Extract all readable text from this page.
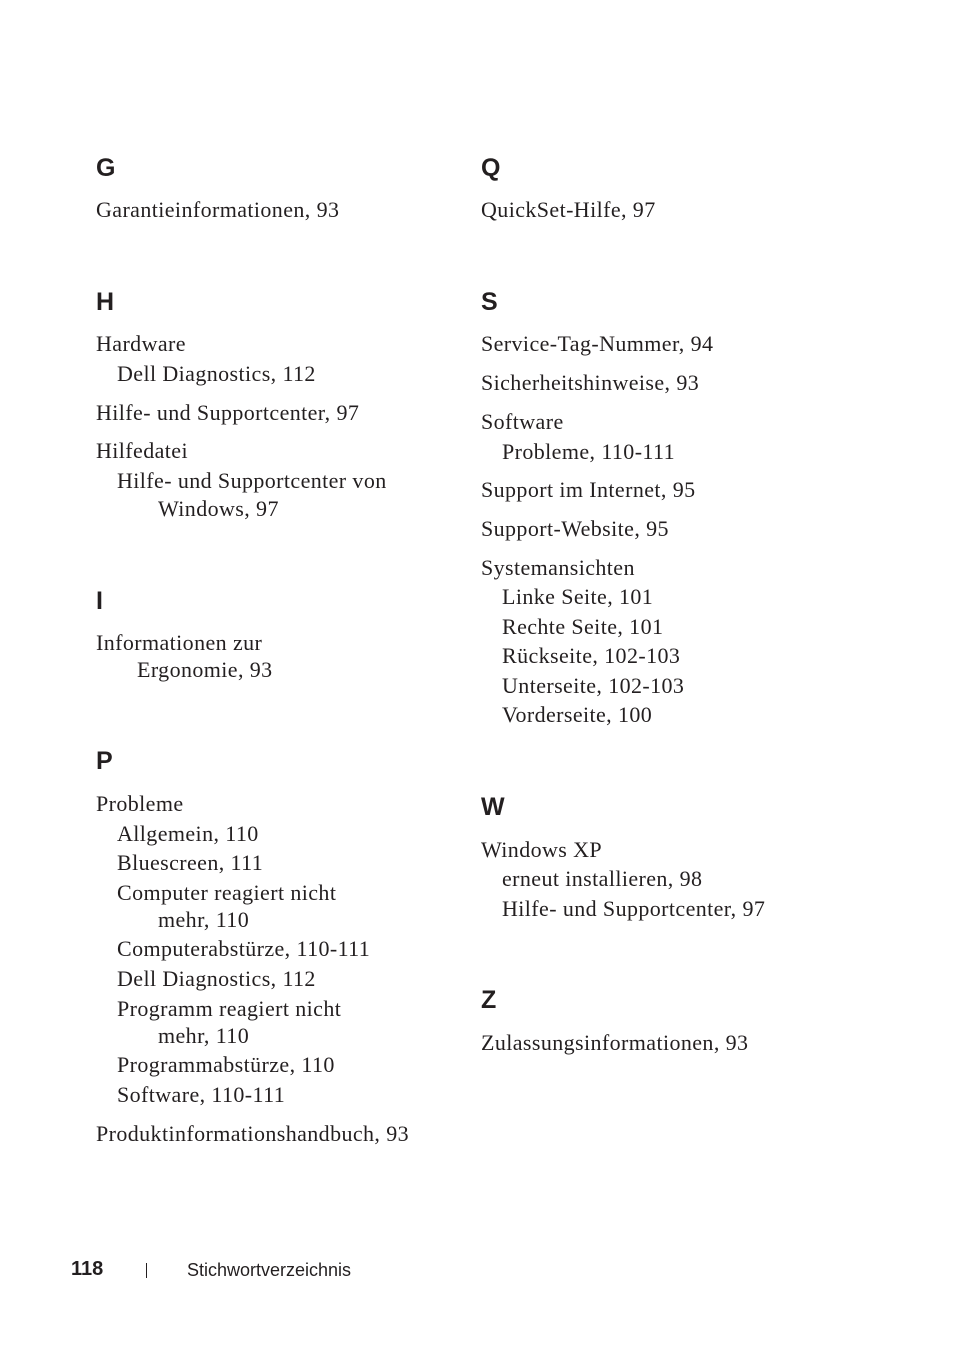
G
Garantieinformationen, 93
H
Hardware
Dell Diagnostics, 112
Hilfe- und Supportcenter, 97
Hilfedatei
Hilfe- und Supportcenter von
Windows, 97
I
Informationen zur
Ergonomie, 93
P
Probleme
Allgemein, 110
Bluescreen, 111
Computer reagiert nicht
mehr, 110
Computerabstürze, 110-111
Dell Diagnostics, 112
Programm reagiert nicht
mehr, 110
Programmabstürze, 110
Software, 110-111
Produktinformationshandbuch, 93
Q
QuickSet-Hilfe, 97
S
Service-Tag-Nummer, 94
Sicherheitshinweise, 93
Software
Probleme, 110-111
Support im Internet, 95
Support-Website, 95
Systemansichten
Linke Seite, 101
Rechte Seite, 101
Rückseite, 102-103
Unterseite, 102-103
Vorderseite, 100
W
Windows XP
erneut installieren, 98
Hilfe- und Supportcenter, 97
Z
Zulassungsinformationen, 93
118	Stichwortverzeichnis
